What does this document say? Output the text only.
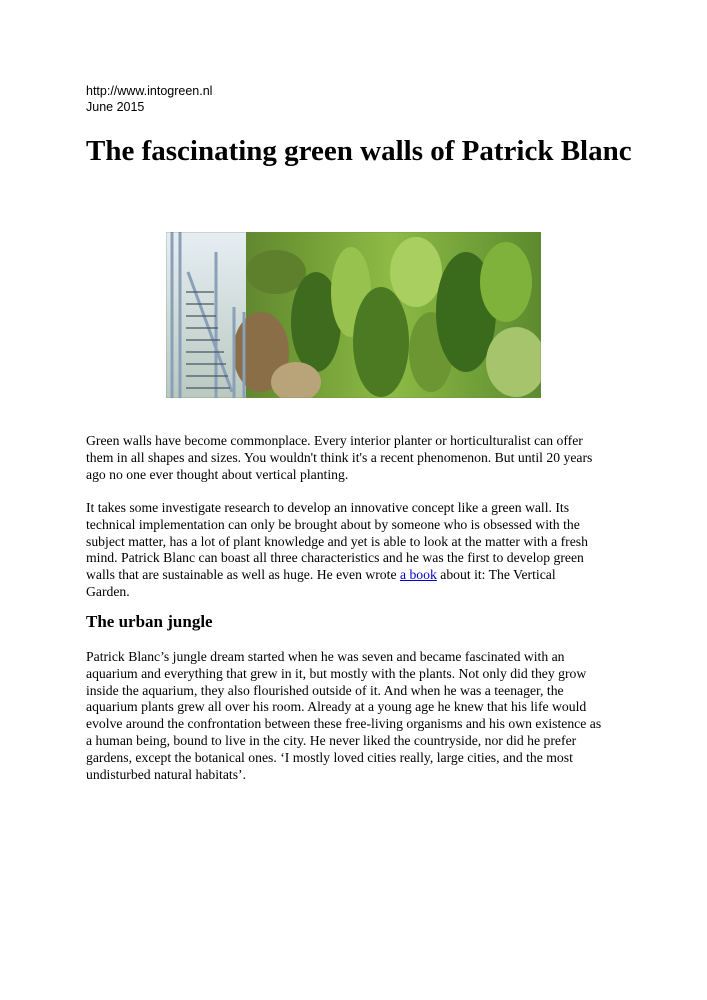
http://www.intogreen.nl
June 2015
The fascinating green walls of Patrick Blanc
Green walls have become commonplace. Every interior planter or horticulturalist can offer
them in all shapes and sizes. You wouldn't think it's a recent phenomenon. But until 20 years
ago no one ever thought about vertical planting.
It takes some investigate research to develop an innovative concept like a green wall. Its
technical implementation can only be brought about by someone who is obsessed with the
subject matter, has a lot of plant knowledge and yet is able to look at the matter with a fresh
mind. Patrick Blanc can boast all three characteristics and he was the first to develop green
walls that are sustainable as well as huge. He even wrote a book about it: The Vertical
Garden.
The urban jungle
Patrick Blanc’s jungle dream started when he was seven and became fascinated with an
aquarium and everything that grew in it, but mostly with the plants. Not only did they grow
inside the aquarium, they also flourished outside of it. And when he was a teenager, the
aquarium plants grew all over his room. Already at a young age he knew that his life would
evolve around the confrontation between these free-living organisms and his own existence as
a human being, bound to live in the city. He never liked the countryside, nor did he prefer
gardens, except the botanical ones. ‘I mostly loved cities really, large cities, and the most
undisturbed natural habitats’.
